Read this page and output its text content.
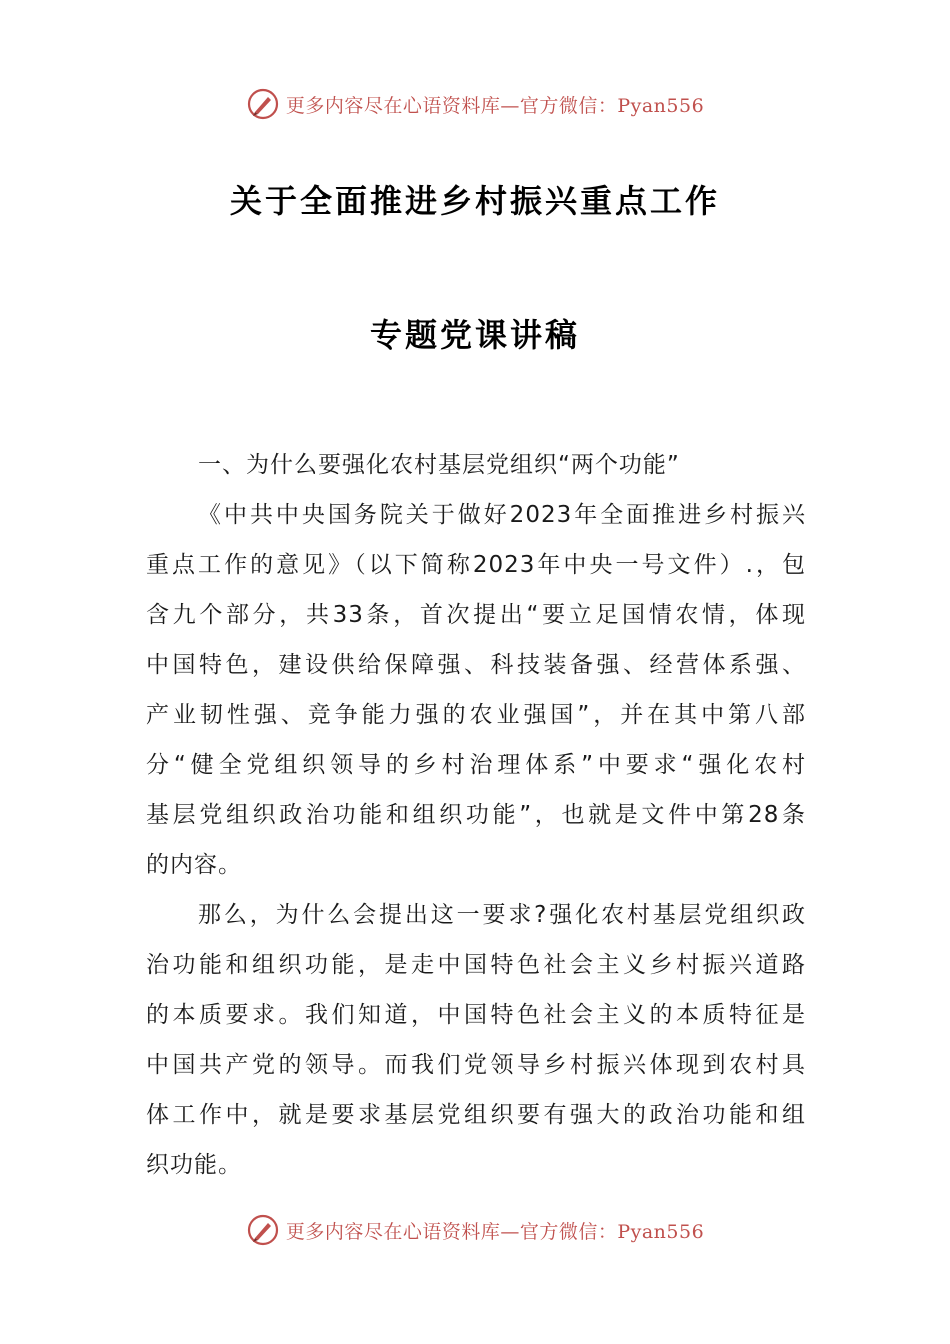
更多内容尽在心语资料库—官方微信：Pyan556
关于全面推进乡村振兴重点工作
专题党课讲稿
一、为什么要强化农村基层党组织“两个功能”
《中共中央国务院关于做好2023年全面推进乡村振兴
重点工作的意见》（以下简称2023年中央一号文件）.，包
含九个部分，共33条，首次提出“要立足国情农情，体现
中国特色，建设供给保障强、科技装备强、经营体系强、
产业韧性强、竞争能力强的农业强国”，并在其中第八部
分“健全党组织领导的乡村治理体系”中要求“强化农村
基层党组织政治功能和组织功能”，也就是文件中第28条
的内容。
那么，为什么会提出这一要求?强化农村基层党组织政
治功能和组织功能，是走中国特色社会主义乡村振兴道路
的本质要求。我们知道，中国特色社会主义的本质特征是
中国共产党的领导。而我们党领导乡村振兴体现到农村具
体工作中，就是要求基层党组织要有强大的政治功能和组
织功能。
更多内容尽在心语资料库—官方微信：Pyan556
